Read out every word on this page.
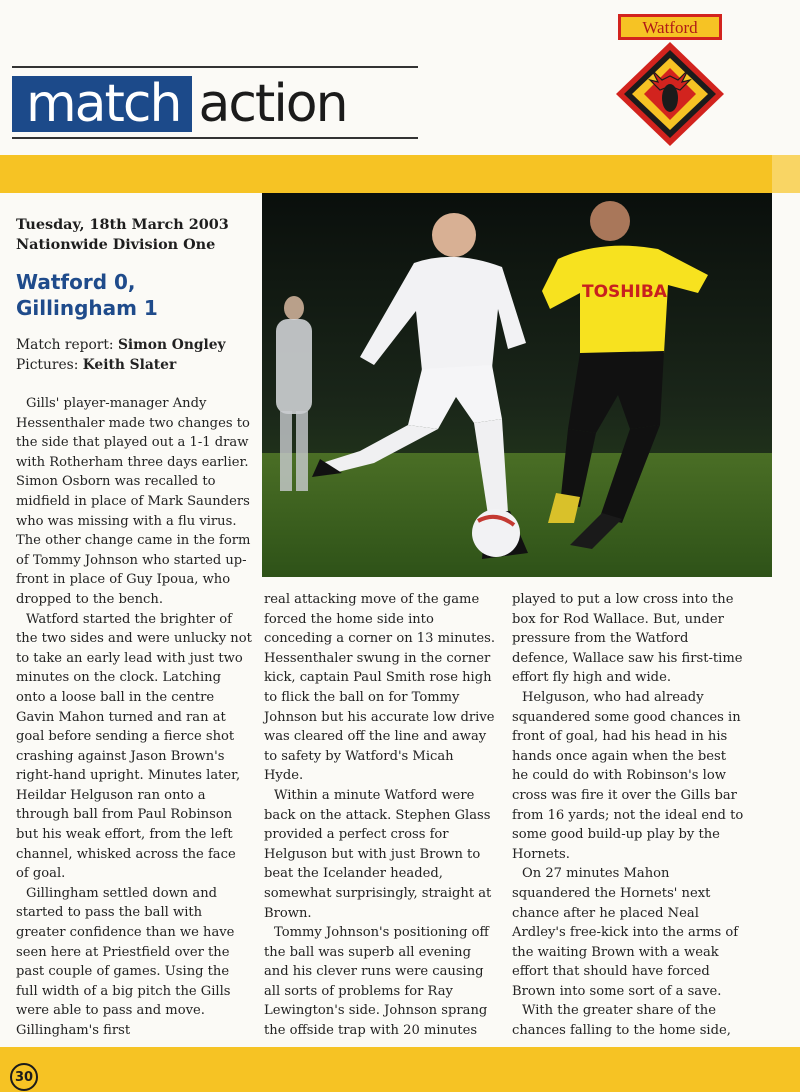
match action
Watford
TOSHIBA
Tuesday, 18th March 2003
Nationwide Division One
Watford 0,
Gillingham 1
Match report: Simon Ongley
Pictures: Keith Slater

Gills' player-manager Andy Hessenthaler made two changes to the side that played out a 1-1 draw with Rotherham three days earlier. Simon Osborn was recalled to midfield in place of Mark Saunders who was missing with a flu virus. The other change came in the form of Tommy Johnson who started up-front in place of Guy Ipoua, who dropped to the bench.

Watford started the brighter of the two sides and were unlucky not to take an early lead with just two minutes on the clock. Latching onto a loose ball in the centre Gavin Mahon turned and ran at goal before sending a fierce shot crashing against Jason Brown's right-hand upright. Minutes later, Heildar Helguson ran onto a through ball from Paul Robinson but his weak effort, from the left channel, whisked across the face of goal.

Gillingham settled down and started to pass the ball with greater confidence than we have seen here at Priestfield over the past couple of games. Using the full width of a big pitch the Gills were able to pass and move. Gillingham's first

real attacking move of the game forced the home side into conceding a corner on 13 minutes. Hessenthaler swung in the corner kick, captain Paul Smith rose high to flick the ball on for Tommy Johnson but his accurate low drive was cleared off the line and away to safety by Watford's Micah Hyde.

Within a minute Watford were back on the attack. Stephen Glass provided a perfect cross for Helguson but with just Brown to beat the Icelander headed, somewhat surprisingly, straight at Brown.

Tommy Johnson's positioning off the ball was superb all evening and his clever runs were causing all sorts of problems for Ray Lewington's side. Johnson sprang the offside trap with 20 minutes

played to put a low cross into the box for Rod Wallace. But, under pressure from the Watford defence, Wallace saw his first-time effort fly high and wide.

Helguson, who had already squandered some good chances in front of goal, had his head in his hands once again when the best he could do with Robinson's low cross was fire it over the Gills bar from 16 yards; not the ideal end to some good build-up play by the Hornets.

On 27 minutes Mahon squandered the Hornets' next chance after he placed Neal Ardley's free-kick into the arms of the waiting Brown with a weak effort that should have forced Brown into some sort of a save.

With the greater share of the chances falling to the home side,

30
